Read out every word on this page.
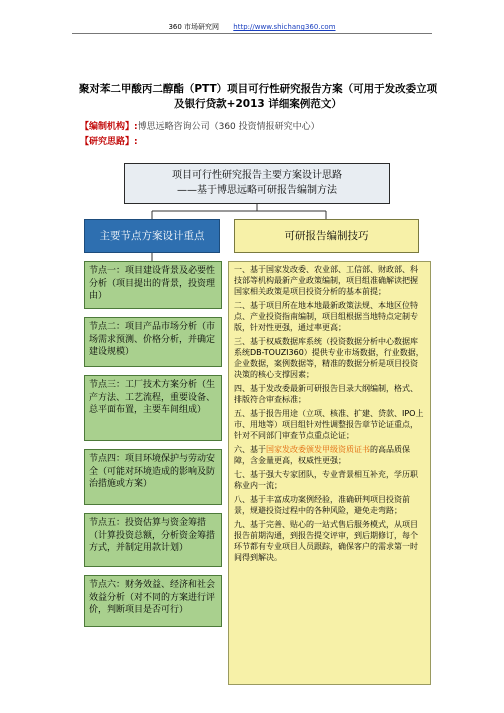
360 市场研究网 http://www.shichang360.com
聚对苯二甲酸丙二醇酯（PTT）项目可行性研究报告方案（可用于发改委立项及银行贷款+2013 详细案例范文）
【编制机构】:博思远略咨询公司（360 投资情报研究中心）
【研究思路】:
项目可行性研究报告主要方案设计思路
——基于博思远略可研报告编制方法
主要节点方案设计重点	可研报告编制技巧
节点一：项目建设背景及必要性分析（项目提出的背景，投资理由）
节点二：项目产品市场分析（市场需求预测、价格分析，并确定建设规模）
节点三：工厂技术方案分析（生产方法、工艺流程，重要设备、总平面布置，主要车间组成）
节点四：项目环境保护与劳动安全（可能对环境造成的影响及防治措施或方案）
节点五：投资估算与资金筹措（计算投资总额，分析资金筹措方式，并制定用款计划）
节点六：财务效益、经济和社会效益分析（对不同的方案进行评价，判断项目是否可行）
一、基于国家发改委、农业部、工信部、财政部、科技部等机构最新产业政策编制，项目组准确解读把握国家相关政策是项目投资分析的基本前提；
二、基于项目所在地本地最新政策法规、本地区位特点、产业投资指南编制，项目组根据当地特点定制专版，针对性更强，通过率更高；
三、基于权威数据库系统（投资数据分析中心数据库系统DB-TOUZI360）提供专业市场数据，行业数据，企业数据，案例数据等，精准的数据分析是项目投资决策的核心支撑因素；
四、基于发改委最新可研报告目录大纲编制，格式、排版符合审查标准；
五、基于报告用途（立项、核准、扩建、贷款、IPO上市、用地等）项目组针对性调整报告章节论证重点，针对不同部门审查节点重点论证；
六、基于国家发改委颁发甲级资质证书的高品质保障，含金量更高，权威性更强；
七、基于强大专家团队，专业背景相互补充，学历职称业内一流；
八、基于丰富成功案例经验，准确研判项目投资前景，规避投资过程中的各种风险，避免走弯路；
九、基于完善、贴心的一站式售后服务模式，从项目报告前期沟通，到报告提交评审，到后期修订，每个环节都有专业项目人员跟踪，确保客户的需求第一时间得到解决。
